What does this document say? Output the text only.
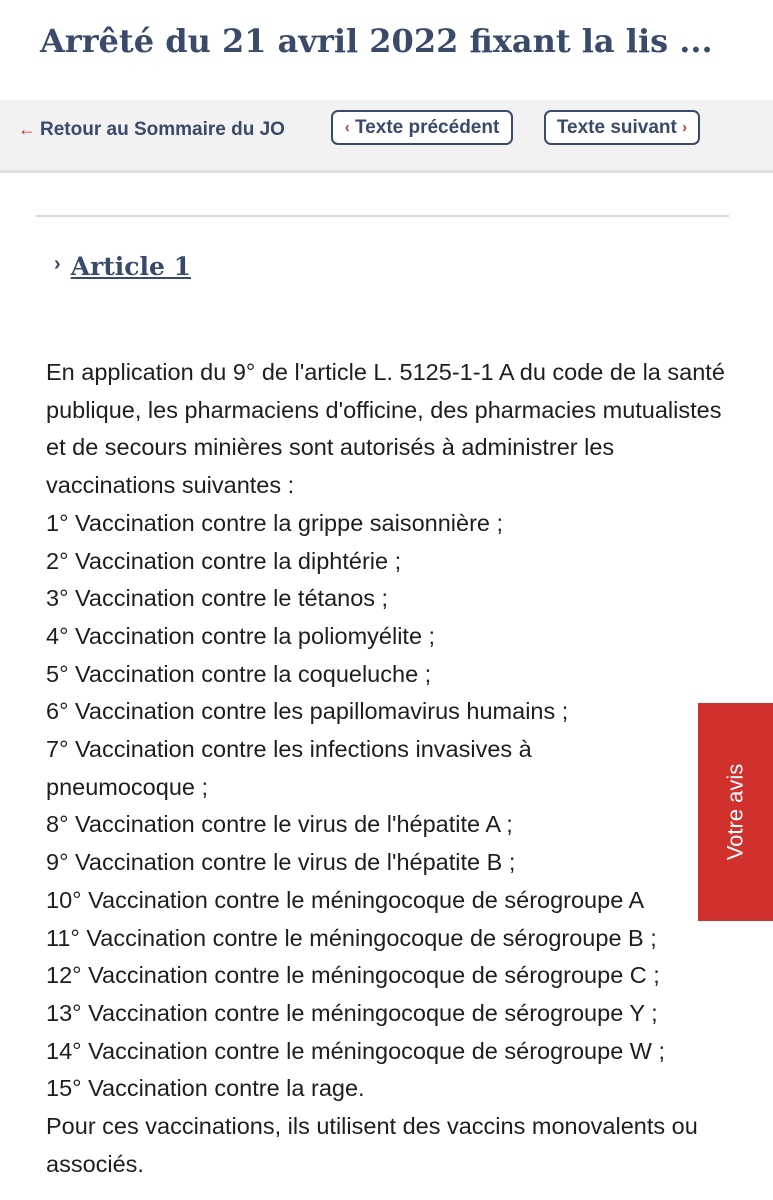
Arrêté du 21 avril 2022 fixant la lis ...
← Retour au Sommaire du JO	‹
Texte précédent	Texte suivant
›
› Article 1

En application du 9° de l'article L. 5125-1-1 A du code de la santé publique, les pharmaciens d'officine, des pharmacies mutualistes et de secours minières sont autorisés à administrer les vaccinations suivantes :

1° Vaccination contre la grippe saisonnière ;

2° Vaccination contre la diphtérie ;

3° Vaccination contre le tétanos ;

4° Vaccination contre la poliomyélite ;

5° Vaccination contre la coqueluche ;

6° Vaccination contre les papillomavirus humains ;

7° Vaccination contre les infections invasives à pneumocoque ;

8° Vaccination contre le virus de l'hépatite A ;

9° Vaccination contre le virus de l'hépatite B ;

10° Vaccination contre le méningocoque de sérogroupe A

11° Vaccination contre le méningocoque de sérogroupe B ;

12° Vaccination contre le méningocoque de sérogroupe C ;

13° Vaccination contre le méningocoque de sérogroupe Y ;

14° Vaccination contre le méningocoque de sérogroupe W ;

15° Vaccination contre la rage.

Pour ces vaccinations, ils utilisent des vaccins monovalents ou associés.

Votre avis
